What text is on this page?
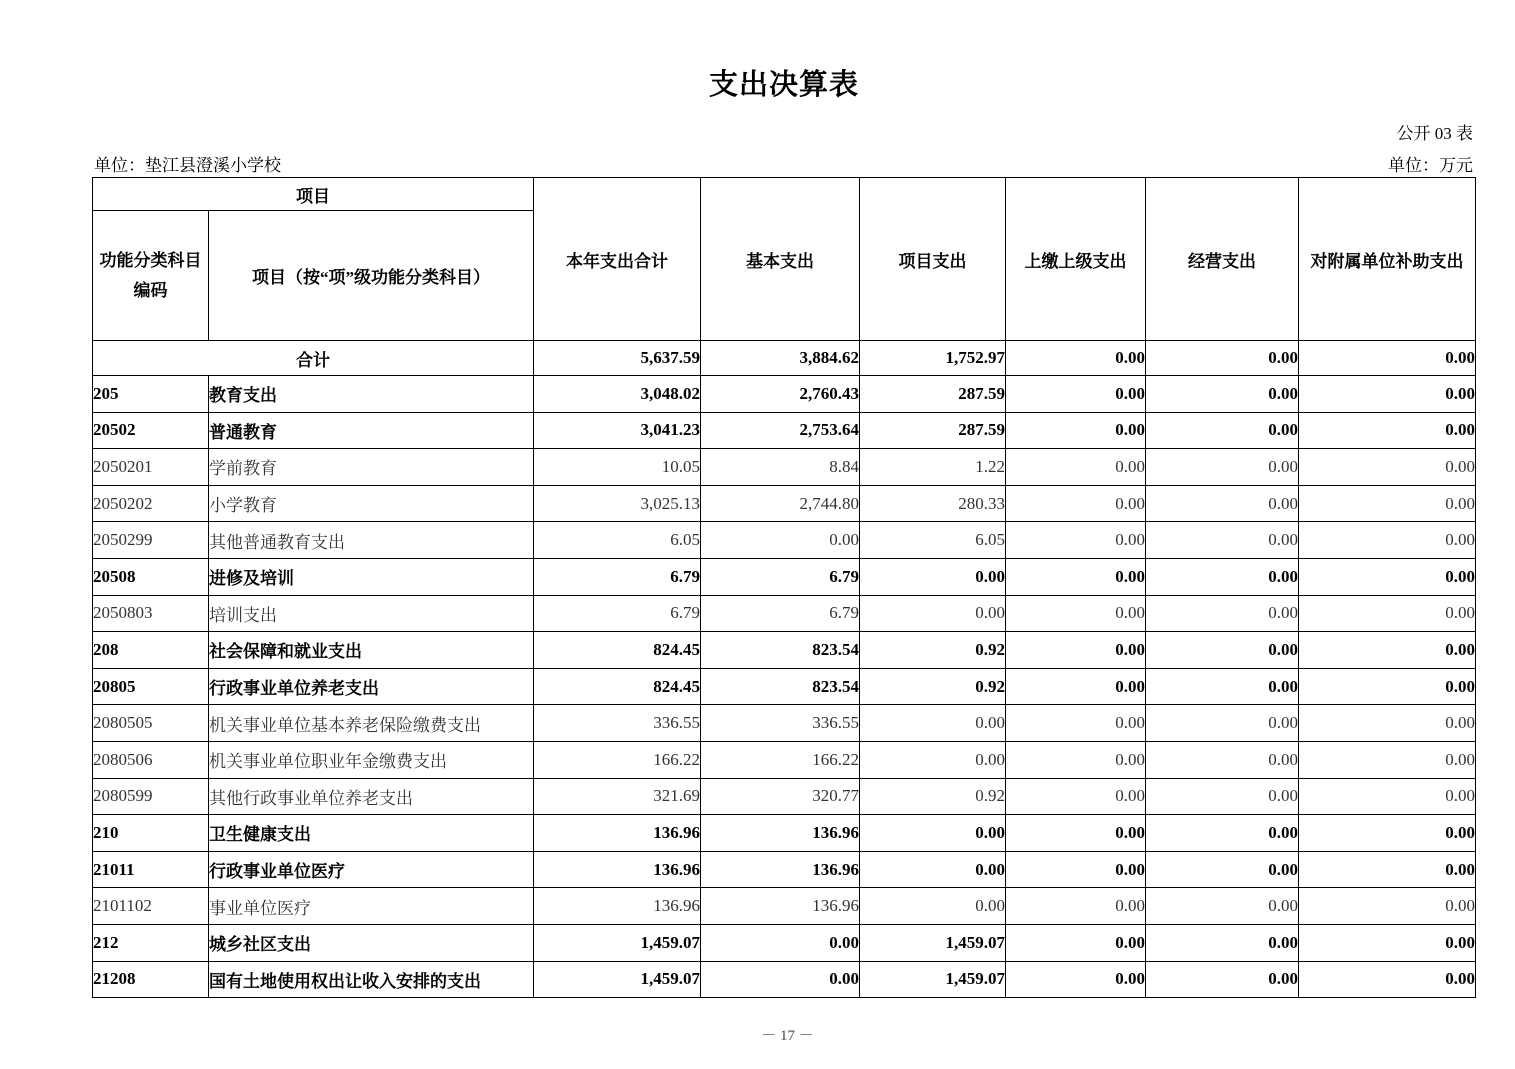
支出决算表
公开 03 表
单位：垫江县澄溪小学校	单位：万元
项目		本年支出合计	基本支出	项目支出	上缴上级支出	经营支出	对附属单位补助支出
功能分类科目编码	项目（按“项”级功能分类科目）						
合计		5,637.59	3,884.62	1,752.97	0.00	0.00	0.00
205	教育支出	3,048.02	2,760.43	287.59	0.00	0.00	0.00
20502	普通教育	3,041.23	2,753.64	287.59	0.00	0.00	0.00
2050201	学前教育	10.05	8.84	1.22	0.00	0.00	0.00
2050202	小学教育	3,025.13	2,744.80	280.33	0.00	0.00	0.00
2050299	其他普通教育支出	6.05	0.00	6.05	0.00	0.00	0.00
20508	进修及培训	6.79	6.79	0.00	0.00	0.00	0.00
2050803	培训支出	6.79	6.79	0.00	0.00	0.00	0.00
208	社会保障和就业支出	824.45	823.54	0.92	0.00	0.00	0.00
20805	行政事业单位养老支出	824.45	823.54	0.92	0.00	0.00	0.00
2080505	机关事业单位基本养老保险缴费支出	336.55	336.55	0.00	0.00	0.00	0.00
2080506	机关事业单位职业年金缴费支出	166.22	166.22	0.00	0.00	0.00	0.00
2080599	其他行政事业单位养老支出	321.69	320.77	0.92	0.00	0.00	0.00
210	卫生健康支出	136.96	136.96	0.00	0.00	0.00	0.00
21011	行政事业单位医疗	136.96	136.96	0.00	0.00	0.00	0.00
2101102	事业单位医疗	136.96	136.96	0.00	0.00	0.00	0.00
212	城乡社区支出	1,459.07	0.00	1,459.07	0.00	0.00	0.00
21208	国有土地使用权出让收入安排的支出	1,459.07	0.00	1,459.07	0.00	0.00	0.00
－ 17 －
